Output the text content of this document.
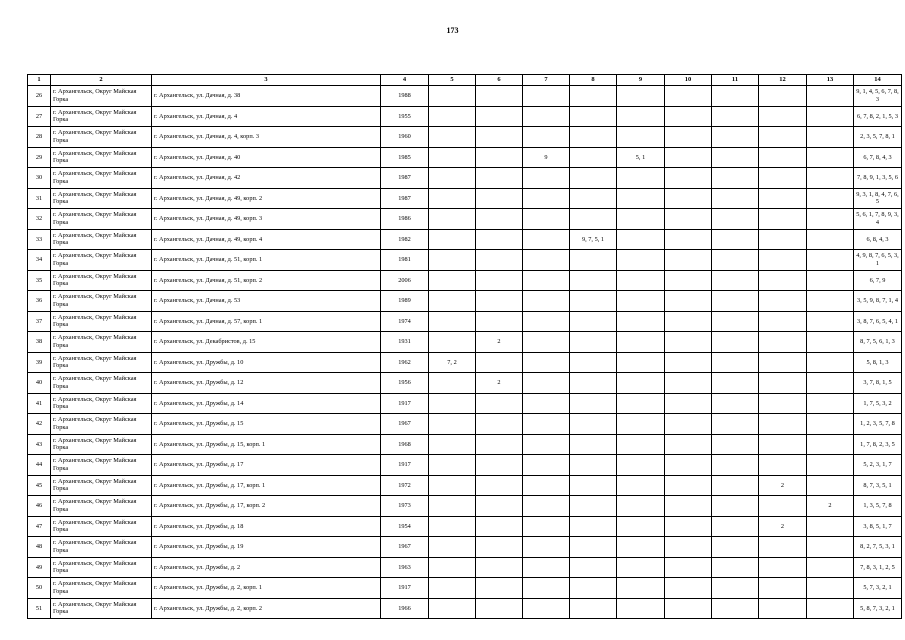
173
1	2	3	4	5	6	7	8	9	10	11	12	13	14
26	г. Архангельск, Округ Майская Горка	г. Архангельск, ул. Дачная, д. 38	1988										9, 1, 4, 5, 6, 7, 8, 3
27	г. Архангельск, Округ Майская Горка	г. Архангельск, ул. Дачная, д. 4	1955										6, 7, 8, 2, 1, 5, 3
28	г. Архангельск, Округ Майская Горка	г. Архангельск, ул. Дачная, д. 4, корп. 3	1960										2, 3, 5, 7, 8, 1
29	г. Архангельск, Округ Майская Горка	г. Архангельск, ул. Дачная, д. 40	1985			9		5, 1					6, 7, 8, 4, 3
30	г. Архангельск, Округ Майская Горка	г. Архангельск, ул. Дачная, д. 42	1987										7, 8, 9, 1, 3, 5, 6
31	г. Архангельск, Округ Майская Горка	г. Архангельск, ул. Дачная, д. 49, корп. 2	1987										9, 3, 1, 8, 4, 7, 6, 5
32	г. Архангельск, Округ Майская Горка	г. Архангельск, ул. Дачная, д. 49, корп. 3	1986										5, 6, 1, 7, 8, 9, 3, 4
33	г. Архангельск, Округ Майская Горка	г. Архангельск, ул. Дачная, д. 49, корп. 4	1982				9, 7, 5, 1						6, 8, 4, 3
34	г. Архангельск, Округ Майская Горка	г. Архангельск, ул. Дачная, д. 51, корп. 1	1981										4, 9, 8, 7, 6, 5, 3, 1
35	г. Архангельск, Округ Майская Горка	г. Архангельск, ул. Дачная, д. 51, корп. 2	2006										6, 7, 9
36	г. Архангельск, Округ Майская Горка	г. Архангельск, ул. Дачная, д. 53	1989										3, 5, 9, 8, 7, 1, 4
37	г. Архангельск, Округ Майская Горка	г. Архангельск, ул. Дачная, д. 57, корп. 1	1974										3, 8, 7, 6, 5, 4, 1
38	г. Архангельск, Округ Майская Горка	г. Архангельск, ул. Декабристов, д. 15	1931		2								8, 7, 5, 6, 1, 3
39	г. Архангельск, Округ Майская Горка	г. Архангельск, ул. Дружбы, д. 10	1962	7, 2									5, 8, 1, 3
40	г. Архангельск, Округ Майская Горка	г. Архангельск, ул. Дружбы, д. 12	1956		2								3, 7, 8, 1, 5
41	г. Архангельск, Округ Майская Горка	г. Архангельск, ул. Дружбы, д. 14	1917										1, 7, 5, 3, 2
42	г. Архангельск, Округ Майская Горка	г. Архангельск, ул. Дружбы, д. 15	1967										1, 2, 3, 5, 7, 8
43	г. Архангельск, Округ Майская Горка	г. Архангельск, ул. Дружбы, д. 15, корп. 1	1968										1, 7, 8, 2, 3, 5
44	г. Архангельск, Округ Майская Горка	г. Архангельск, ул. Дружбы, д. 17	1917										5, 2, 3, 1, 7
45	г. Архангельск, Округ Майская Горка	г. Архангельск, ул. Дружбы, д. 17, корп. 1	1972								2		8, 7, 3, 5, 1
46	г. Архангельск, Округ Майская Горка	г. Архангельск, ул. Дружбы, д. 17, корп. 2	1973									2	1, 3, 5, 7, 8
47	г. Архангельск, Округ Майская Горка	г. Архангельск, ул. Дружбы, д. 18	1954								2		3, 8, 5, 1, 7
48	г. Архангельск, Округ Майская Горка	г. Архангельск, ул. Дружбы, д. 19	1967										8, 2, 7, 5, 3, 1
49	г. Архангельск, Округ Майская Горка	г. Архангельск, ул. Дружбы, д. 2	1963										7, 8, 3, 1, 2, 5
50	г. Архангельск, Округ Майская Горка	г. Архангельск, ул. Дружбы, д. 2, корп. 1	1917										5, 7, 3, 2, 1
51	г. Архангельск, Округ Майская Горка	г. Архангельск, ул. Дружбы, д. 2, корп. 2	1966										5, 8, 7, 3, 2, 1
